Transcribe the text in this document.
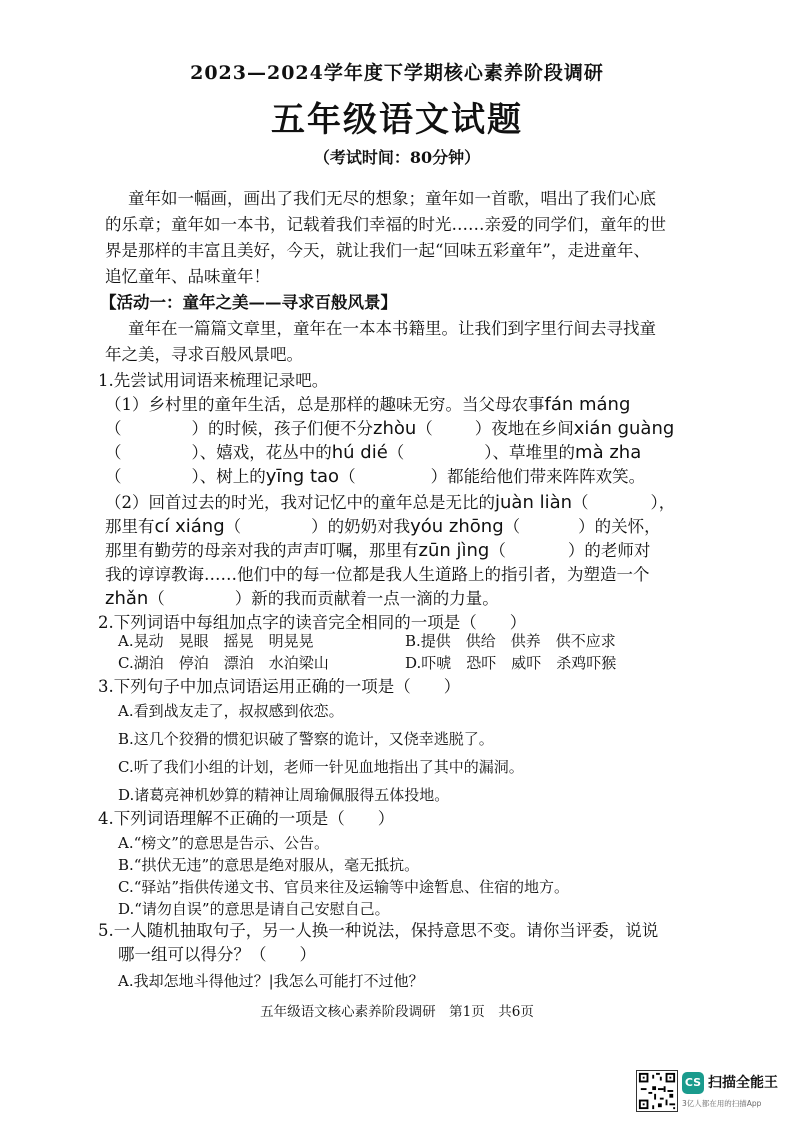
2023—2024学年度下学期核心素养阶段调研
五年级语文试题
（考试时间：80分钟）
童年如一幅画，画出了我们无尽的想象；童年如一首歌，唱出了我们心底
的乐章；童年如一本书，记载着我们幸福的时光……亲爱的同学们，童年的世
界是那样的丰富且美好，今天，就让我们一起“回味五彩童年”，走进童年、
追忆童年、品味童年！
【活动一：童年之美——寻求百般风景】
童年在一篇篇文章里，童年在一本本书籍里。让我们到字里行间去寻找童
年之美，寻求百般风景吧。
1.先尝试用词语来梳理记录吧。
（1）乡村里的童年生活，总是那样的趣味无穷。当父母农事fán máng
（	）的时候，孩子们便不分zhòu（	）夜地在乡间xián guàng
（	）、嬉戏，花丛中的hú dié（	）、草堆里的mà zha
（	）、树上的yīng tao（	）都能给他们带来阵阵欢笑。
（2）回首过去的时光，我对记忆中的童年总是无比的juàn liàn（	），
那里有cí xiáng（	）的奶奶对我yóu zhōng（	）的关怀，
那里有勤劳的母亲对我的声声叮嘱，那里有zūn jìng（	）的老师对
我的谆谆教诲……他们中的每一位都是我人生道路上的指引者，为塑造一个
zhǎn（	）新的我而贡献着一点一滴的力量。
2.下列词语中每组加点字的读音完全相同的一项是（　　）
A.晃动　晃眼　摇晃　明晃晃	B.提供　供给　供养　供不应求
C.湖泊　停泊　漂泊　水泊梁山	D.吓唬　恐吓　威吓　杀鸡吓猴
3.下列句子中加点词语运用正确的一项是（　　）
A.看到战友走了，叔叔感到依恋。
B.这几个狡猾的惯犯识破了警察的诡计，又侥幸逃脱了。
C.听了我们小组的计划，老师一针见血地指出了其中的漏洞。
D.诸葛亮神机妙算的精神让周瑜佩服得五体投地。
4.下列词语理解不正确的一项是（　　）
A.“榜文”的意思是告示、公告。
B.“拱伏无违”的意思是绝对服从，毫无抵抗。
C.“驿站”指供传递文书、官员来往及运输等中途暂息、住宿的地方。
D.“请勿自误”的意思是请自己安慰自己。
5.一人随机抽取句子，另一人换一种说法，保持意思不变。请你当评委，说说
哪一组可以得分？（　　）
A.我却怎地斗得他过？|我怎么可能打不过他？
五年级语文核心素养阶段调研　第1页　共6页
CS 扫描全能王
3亿人都在用的扫描App
